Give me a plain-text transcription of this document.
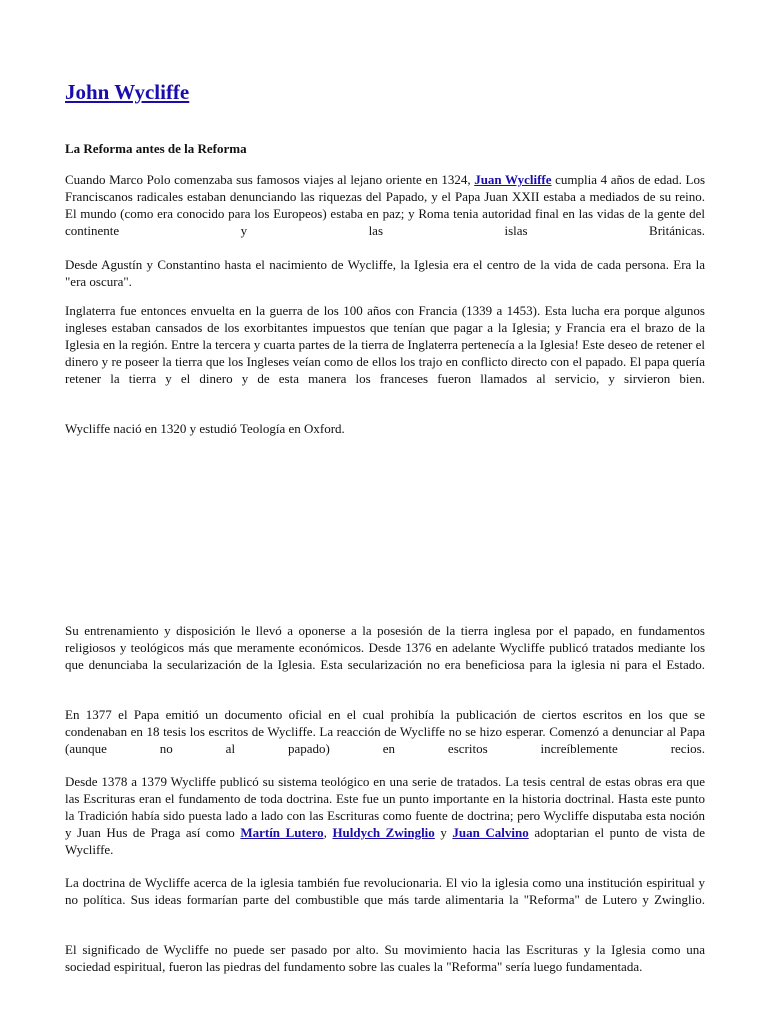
John Wycliffe

La Reforma antes de la Reforma

Cuando Marco Polo comenzaba sus famosos viajes al lejano oriente en 1324, Juan Wycliffe cumplia 4 años de edad. Los Franciscanos radicales estaban denunciando las riquezas del Papado, y el Papa Juan XXII estaba a mediados de su reino. El mundo (como era conocido para los Europeos) estaba en paz; y Roma tenia autoridad final en las vidas de la gente del continente y las islas Británicas.

Desde Agustín y Constantino hasta el nacimiento de Wycliffe, la Iglesia era el centro de la vida de cada persona. Era la "era oscura".

Inglaterra fue entonces envuelta en la guerra de los 100 años con Francia (1339 a 1453). Esta lucha era porque algunos ingleses estaban cansados de los exorbitantes impuestos que tenían que pagar a la Iglesia; y Francia era el brazo de la Iglesia en la región. Entre la tercera y cuarta partes de la tierra de Inglaterra pertenecía a la Iglesia! Este deseo de retener el dinero y re poseer la tierra que los Ingleses veían como de ellos los trajo en conflicto directo con el papado. El papa quería retener la tierra y el dinero y de esta manera los franceses fueron llamados al servicio, y sirvieron bien.

Wycliffe nació en 1320 y estudió Teología en Oxford.

Su entrenamiento y disposición le llevó a oponerse a la posesión de la tierra inglesa por el papado, en fundamentos religiosos y teológicos más que meramente económicos. Desde 1376 en adelante Wycliffe publicó tratados mediante los que denunciaba la secularización de la Iglesia. Esta secularización no era beneficiosa para la iglesia ni para el Estado.

En 1377 el Papa emitió un documento oficial en el cual prohibía la publicación de ciertos escritos en los que se condenaban en 18 tesis los escritos de Wycliffe. La reacción de Wycliffe no se hizo esperar. Comenzó a denunciar al Papa (aunque no al papado) en escritos increíblemente recios.

Desde 1378 a 1379 Wycliffe publicó su sistema teológico en una serie de tratados. La tesis central de estas obras era que las Escrituras eran el fundamento de toda doctrina. Este fue un punto importante en la historia doctrinal. Hasta este punto la Tradición había sido puesta lado a lado con las Escrituras como fuente de doctrina; pero Wycliffe disputaba esta noción y Juan Hus de Praga así como Martín Lutero, Huldych Zwinglio y Juan Calvino adoptarian el punto de vista de Wycliffe.

La doctrina de Wycliffe acerca de la iglesia también fue revolucionaria. El vio la iglesia como una institución espiritual y no política. Sus ideas formarían parte del combustible que más tarde alimentaria la "Reforma" de Lutero y Zwinglio.

El significado de Wycliffe no puede ser pasado por alto. Su movimiento hacia las Escrituras y la Iglesia como una sociedad espiritual, fueron las piedras del fundamento sobre las cuales la "Reforma" sería luego fundamentada.
